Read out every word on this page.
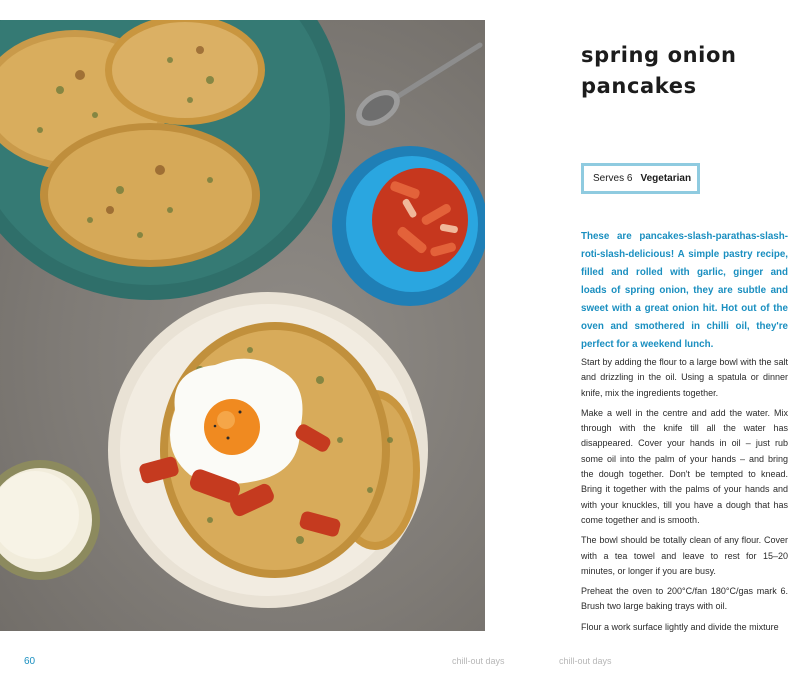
spring onion
pancakes
Serves 6 Vegetarian

These are pancakes-slash-parathas-slash-roti-slash-delicious! A simple pastry recipe, filled and rolled with garlic, ginger and loads of spring onion, they are subtle and sweet with a great onion hit. Hot out of the oven and smothered in chilli oil, they're perfect for a weekend lunch.

Start by adding the flour to a large bowl with the salt and drizzling in the oil. Using a spatula or dinner knife, mix the ingredients together.

Make a well in the centre and add the water. Mix through with the knife till all the water has disappeared. Cover your hands in oil – just rub some oil into the palm of your hands – and bring the dough together. Don't be tempted to knead. Bring it together with the palms of your hands and with your knuckles, till you have a dough that has come together and is smooth.

The bowl should be totally clean of any flour. Cover with a tea towel and leave to rest for 15–20 minutes, or longer if you are busy.

Preheat the oven to 200°C/fan 180°C/gas mark 6. Brush two large baking trays with oil.

Flour a work surface lightly and divide the mixture

60	chill-out days	chill-out days
